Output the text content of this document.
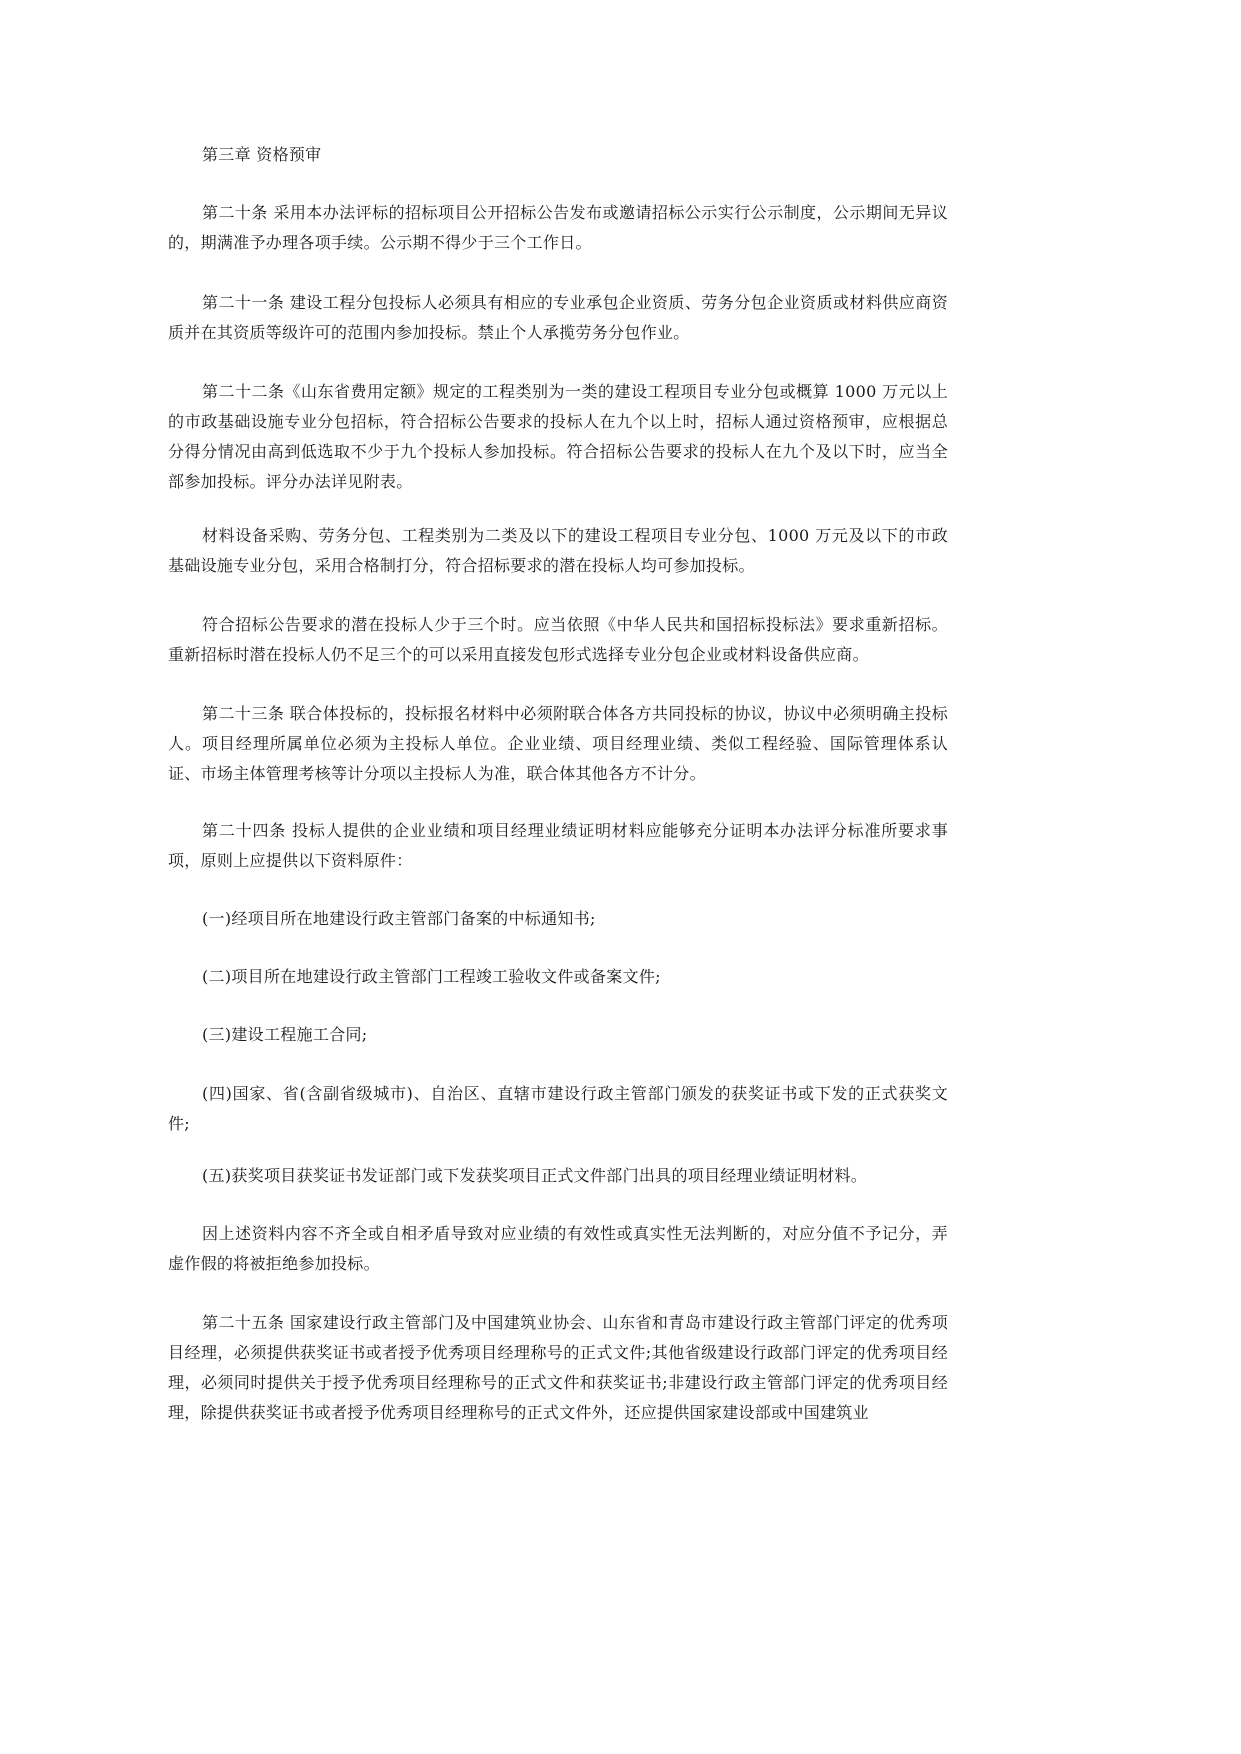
第三章 资格预审

第二十条 采用本办法评标的招标项目公开招标公告发布或邀请招标公示实行公示制度，公示期间无异议的，期满准予办理各项手续。公示期不得少于三个工作日。

第二十一条 建设工程分包投标人必须具有相应的专业承包企业资质、劳务分包企业资质或材料供应商资质并在其资质等级许可的范围内参加投标。禁止个人承揽劳务分包作业。

第二十二条《山东省费用定额》规定的工程类别为一类的建设工程项目专业分包或概算 1000 万元以上的市政基础设施专业分包招标，符合招标公告要求的投标人在九个以上时，招标人通过资格预审，应根据总分得分情况由高到低选取不少于九个投标人参加投标。符合招标公告要求的投标人在九个及以下时，应当全部参加投标。评分办法详见附表。

材料设备采购、劳务分包、工程类别为二类及以下的建设工程项目专业分包、1000 万元及以下的市政基础设施专业分包，采用合格制打分，符合招标要求的潜在投标人均可参加投标。

符合招标公告要求的潜在投标人少于三个时。应当依照《中华人民共和国招标投标法》要求重新招标。重新招标时潜在投标人仍不足三个的可以采用直接发包形式选择专业分包企业或材料设备供应商。

第二十三条 联合体投标的，投标报名材料中必须附联合体各方共同投标的协议，协议中必须明确主投标人。项目经理所属单位必须为主投标人单位。企业业绩、项目经理业绩、类似工程经验、国际管理体系认证、市场主体管理考核等计分项以主投标人为准，联合体其他各方不计分。

第二十四条 投标人提供的企业业绩和项目经理业绩证明材料应能够充分证明本办法评分标准所要求事项，原则上应提供以下资料原件：

(一)经项目所在地建设行政主管部门备案的中标通知书;

(二)项目所在地建设行政主管部门工程竣工验收文件或备案文件;

(三)建设工程施工合同;

(四)国家、省(含副省级城市)、自治区、直辖市建设行政主管部门颁发的获奖证书或下发的正式获奖文件;

(五)获奖项目获奖证书发证部门或下发获奖项目正式文件部门出具的项目经理业绩证明材料。

因上述资料内容不齐全或自相矛盾导致对应业绩的有效性或真实性无法判断的，对应分值不予记分，弄虚作假的将被拒绝参加投标。

第二十五条 国家建设行政主管部门及中国建筑业协会、山东省和青岛市建设行政主管部门评定的优秀项目经理，必须提供获奖证书或者授予优秀项目经理称号的正式文件;其他省级建设行政部门评定的优秀项目经理，必须同时提供关于授予优秀项目经理称号的正式文件和获奖证书;非建设行政主管部门评定的优秀项目经理，除提供获奖证书或者授予优秀项目经理称号的正式文件外，还应提供国家建设部或中国建筑业
